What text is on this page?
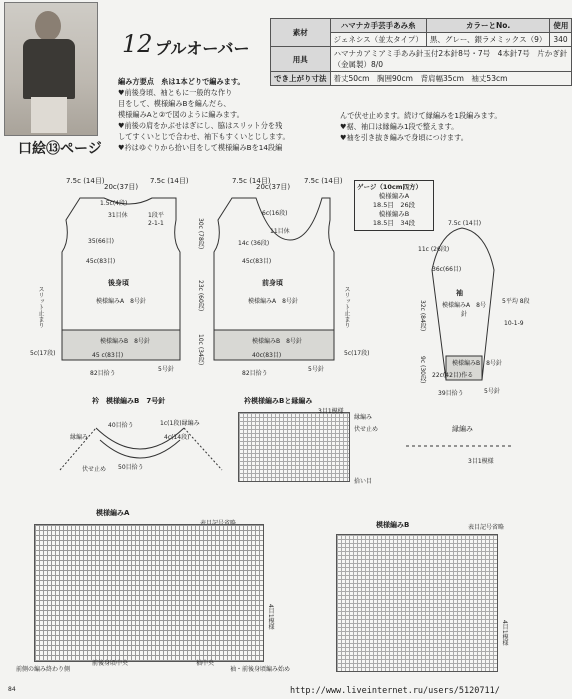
口絵⑬ページ
12 プルオーバー
素材	ハマナカ手芸手あみ糸	カラーとNo.	使用
	ジェネシス（並太タイプ）	黒、グレー、銀ラメミックス（9）	340
用具	ハマナカアミアミ手あみ針玉付2本針8号・7号　4本針7号　片かぎ針（金属製）8/0		
でき上がり寸法	着丈50cm　胸囲90cm　背肩幅35cm　袖丈53cm		
編み方要点　糸は1本どりで編みます。
♥前後身頃、袖ともに一般的な作り
目をして、模様編みBを編んだら、
模様編みAと②で図のように編みます。
♥前後の肩をかぶせはぎにし、脇はスリット分を残
してすくいとじで合わせ、袖下もすくいとじします。
♥衿はゆぐりから拾い目をして模様編みBを14段編
んで伏せ止めます。続けて縁編みを1段編みます。
♥裾、袖口は縁編み1段で整えます。
♥袖を引き抜き編みで身頃につけます。
ゲージ（10cm四方）
模様編みA
18.5目　26段
模様編みB
18.5目　34段
7.5c (14目)
20c(37目)
7.5c (14目)
1.5c(4段)
31目休	1段平
2-1-1
35(66目)
45c(83目)
後身頃
模様編みA　8号針
模様編みB　8号針
45 c(83目)
82目拾う
5号針
スリット止まり
5c(17段)
7.5c (14目)
20c(37目)
7.5c (14目)
6c(16段)
11目休
14c (36段)
45c(83目)
前身頃
模様編みA　8号針
模様編みB　8号針
40c(83目)
82目拾う
5号針
30c (78段)
23c (60段)
10c (34段)
スリット止まり
5c(17段)
7.5c (14目)
11c (26段)
36c(66目)
袖
模様編みA　8号針
32c (84段)	5平均 8段
10-1-9
模様編みB　8号針
22c(42目)作る
9c (30段)
39目拾う	5号針
衿　模様編みB　7号針
40目拾う	1c(1段)縁編み
4c(14段)
縁編み
伏せ止め 50目拾う
衿模様編みBと縁編み
3目1模様
縁編み
伏せ止め
拾い目
縁編み
3目1模様
模様編みA
4目1模様
前側の編み終わり側
前後身頃中央	袖中央
袖・前後身頃編み始め
模様編みB	表目記号省略
4目1模様
84	http://www.liveinternet.ru/users/5120711/
